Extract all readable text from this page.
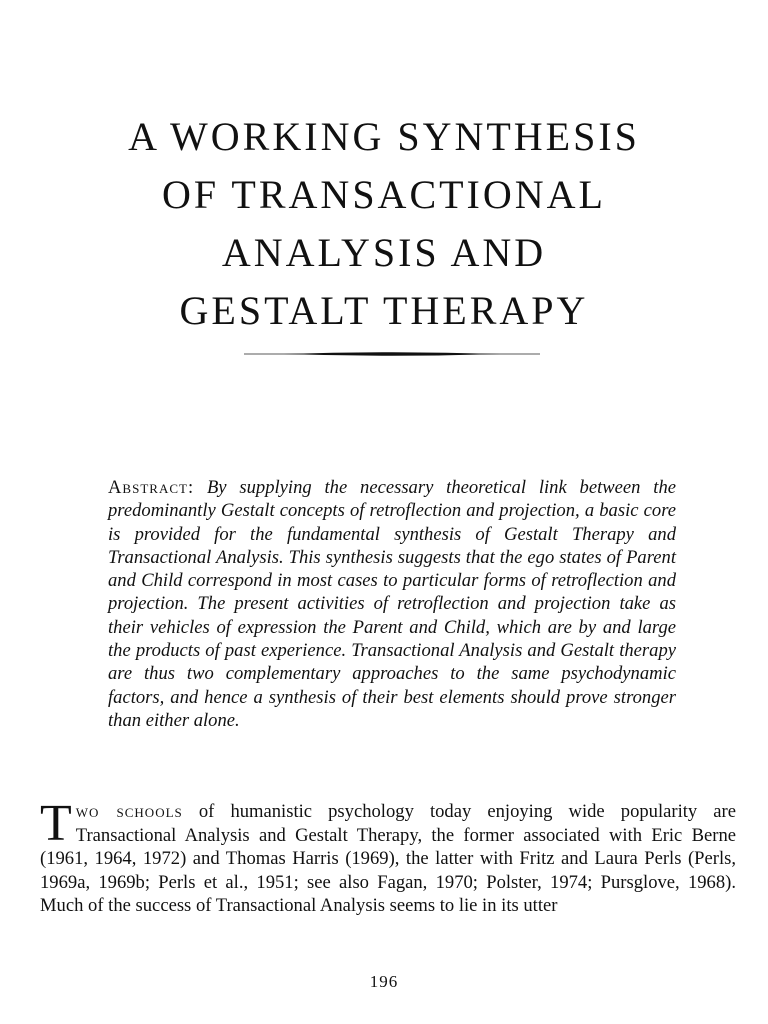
A WORKING SYNTHESIS
OF TRANSACTIONAL
ANALYSIS AND
GESTALT THERAPY
Abstract: By supplying the necessary theoretical link between the predominantly Gestalt concepts of retroflection and projection, a basic core is provided for the fundamental synthesis of Gestalt Therapy and Transactional Analysis. This synthesis suggests that the ego states of Parent and Child correspond in most cases to particular forms of retroflection and projection. The present activities of retroflection and projection take as their vehicles of expression the Parent and Child, which are by and large the products of past experience. Transactional Analysis and Gestalt therapy are thus two complementary approaches to the same psychodynamic factors, and hence a synthesis of their best elements should prove stronger than either alone.
T wo schools of humanistic psychology today enjoying wide popularity are Transactional Analysis and Gestalt Therapy, the former associated with Eric Berne (1961, 1964, 1972) and Thomas Harris (1969), the latter with Fritz and Laura Perls (Perls, 1969a, 1969b; Perls et al., 1951; see also Fagan, 1970; Polster, 1974; Pursglove, 1968). Much of the success of Transactional Analysis seems to lie in its utter
196
